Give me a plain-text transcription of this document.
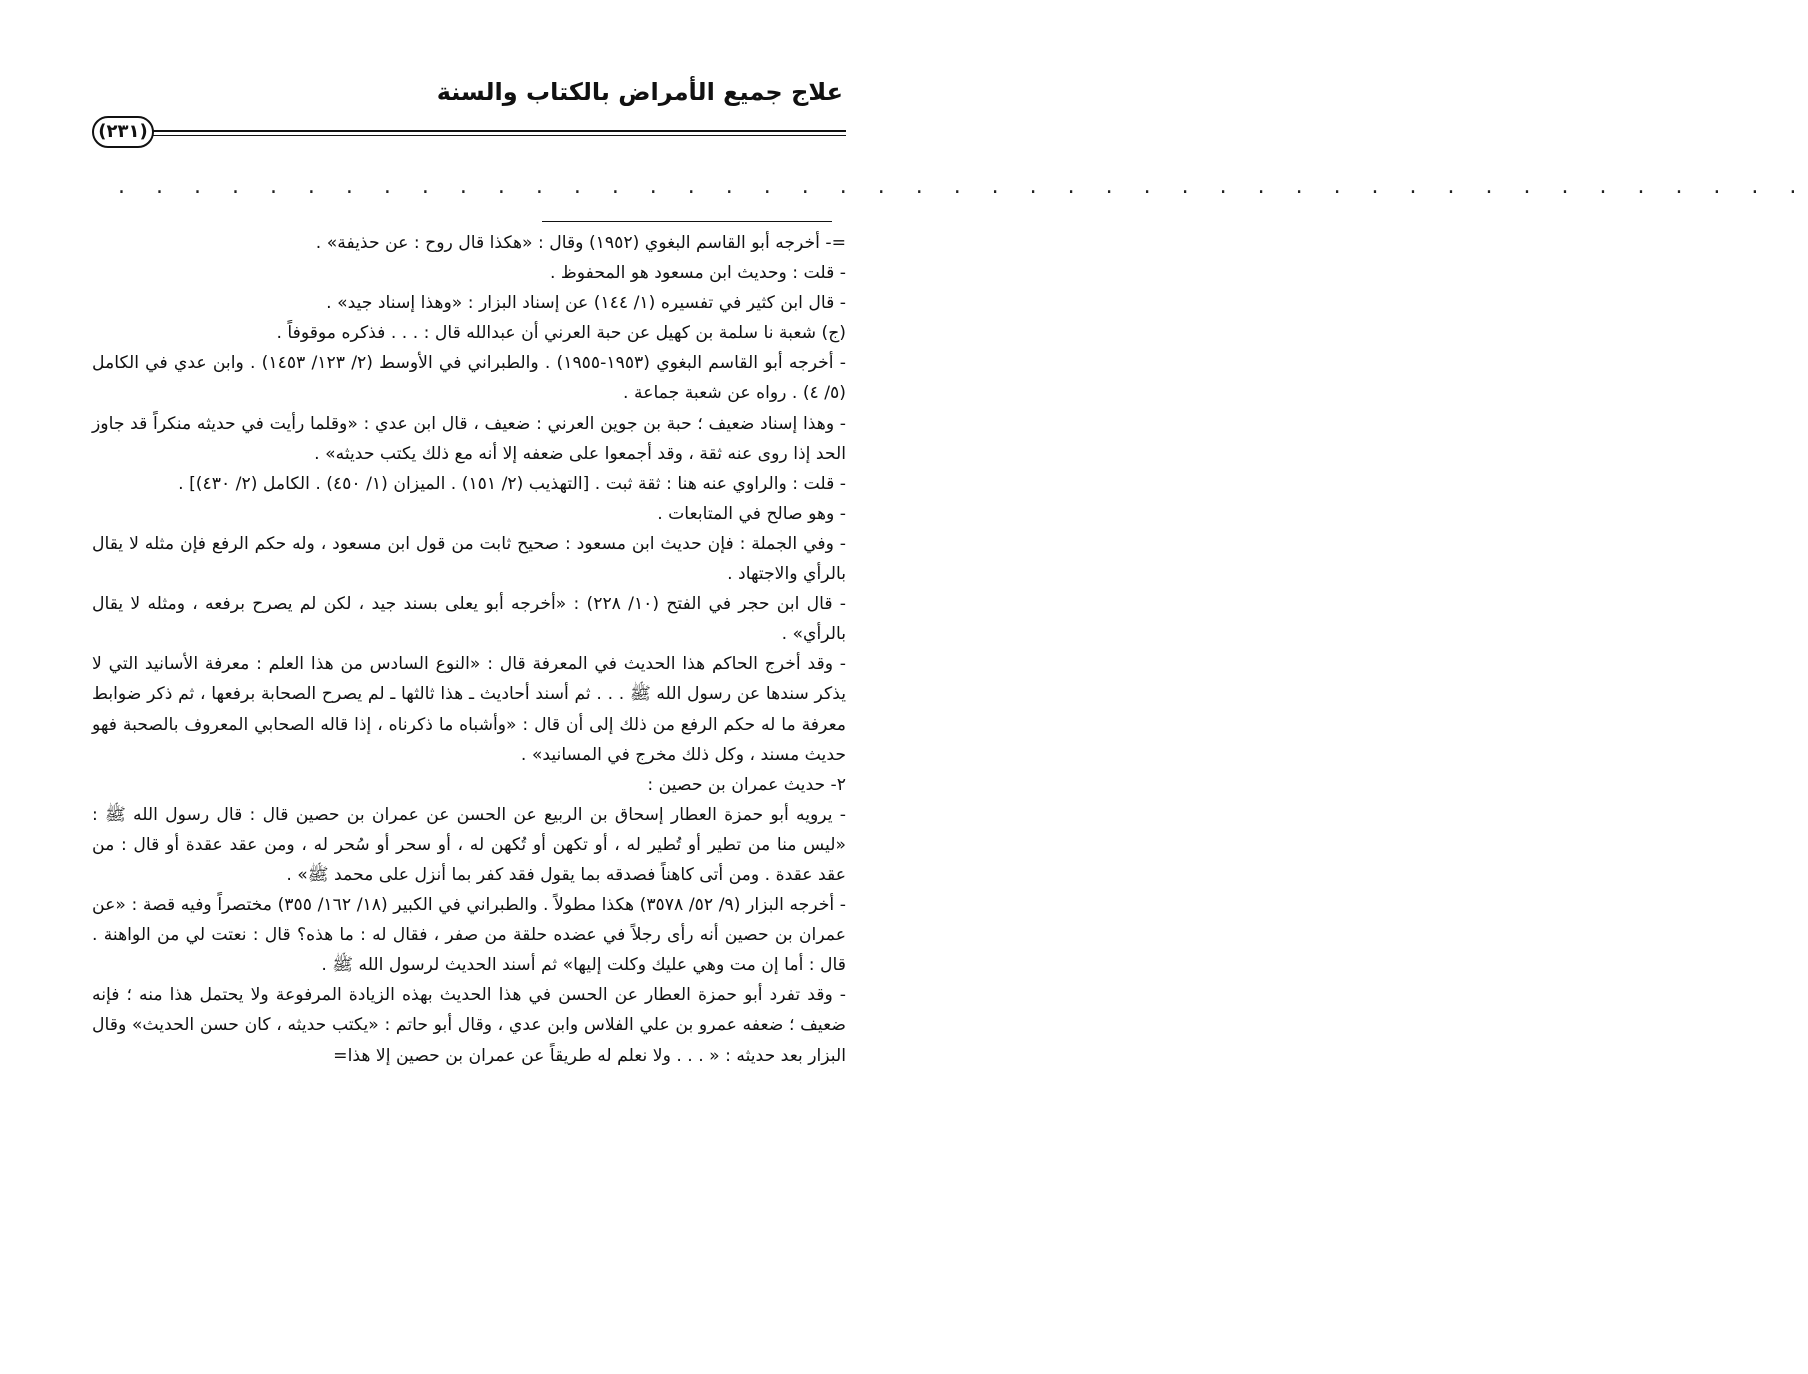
علاج جميع الأمراض بالكتاب والسنة
(٢٣١)
. . . . . . . . . . . . . . . . . . . . . . . . . . . . . . . . . . . . . . . . . . . . .

=- أخرجه أبو القاسم البغوي (١٩٥٢) وقال : «هكذا قال روح : عن حذيفة» .

- قلت : وحديث ابن مسعود هو المحفوظ .

- قال ابن كثير في تفسيره (١/ ١٤٤) عن إسناد البزار : «وهذا إسناد جيد» .

(ج) شعبة نا سلمة بن كهيل عن حبة العرني أن عبدالله قال : . . . فذكره موقوفاً .

- أخرجه أبو القاسم البغوي (١٩٥٣-١٩٥٥) . والطبراني في الأوسط (٢/ ١٢٣/ ١٤٥٣) . وابن عدي في الكامل (٥/ ٤) . رواه عن شعبة جماعة .

- وهذا إسناد ضعيف ؛ حبة بن جوين العرني : ضعيف ، قال ابن عدي : «وقلما رأيت في حديثه منكراً قد جاوز الحد إذا روى عنه ثقة ، وقد أجمعوا على ضعفه إلا أنه مع ذلك يكتب حديثه» .

- قلت : والراوي عنه هنا : ثقة ثبت . [التهذيب (٢/ ١٥١) . الميزان (١/ ٤٥٠) . الكامل (٢/ ٤٣٠)] .

- وهو صالح في المتابعات .

- وفي الجملة : فإن حديث ابن مسعود : صحيح ثابت من قول ابن مسعود ، وله حكم الرفع فإن مثله لا يقال بالرأي والاجتهاد .

- قال ابن حجر في الفتح (١٠/ ٢٢٨) : «أخرجه أبو يعلى بسند جيد ، لكن لم يصرح برفعه ، ومثله لا يقال بالرأي» .

- وقد أخرج الحاكم هذا الحديث في المعرفة قال : «النوع السادس من هذا العلم : معرفة الأسانيد التي لا يذكر سندها عن رسول الله ﷺ . . . ثم أسند أحاديث ـ هذا ثالثها ـ لم يصرح الصحابة برفعها ، ثم ذكر ضوابط معرفة ما له حكم الرفع من ذلك إلى أن قال : «وأشباه ما ذكرناه ، إذا قاله الصحابي المعروف بالصحبة فهو حديث مسند ، وكل ذلك مخرج في المسانيد» .

٢- حديث عمران بن حصين :

- يرويه أبو حمزة العطار إسحاق بن الربيع عن الحسن عن عمران بن حصين قال : قال رسول الله ﷺ : «ليس منا من تطير أو تُطير له ، أو تكهن أو تُكهن له ، أو سحر أو سُحر له ، ومن عقد عقدة أو قال : من عقد عقدة . ومن أتى كاهناً فصدقه بما يقول فقد كفر بما أنزل على محمد ﷺ» .

- أخرجه البزار (٩/ ٥٢/ ٣٥٧٨) هكذا مطولاً . والطبراني في الكبير (١٨/ ١٦٢/ ٣٥٥) مختصراً وفيه قصة : «عن عمران بن حصين أنه رأى رجلاً في عضده حلقة من صفر ، فقال له : ما هذه؟ قال : نعتت لي من الواهنة . قال : أما إن مت وهي عليك وكلت إليها» ثم أسند الحديث لرسول الله ﷺ .

- وقد تفرد أبو حمزة العطار عن الحسن في هذا الحديث بهذه الزيادة المرفوعة ولا يحتمل هذا منه ؛ فإنه ضعيف ؛ ضعفه عمرو بن علي الفلاس وابن عدي ، وقال أبو حاتم : «يكتب حديثه ، كان حسن الحديث» وقال البزار بعد حديثه : « . . . ولا نعلم له طريقاً عن عمران بن حصين إلا هذا=
